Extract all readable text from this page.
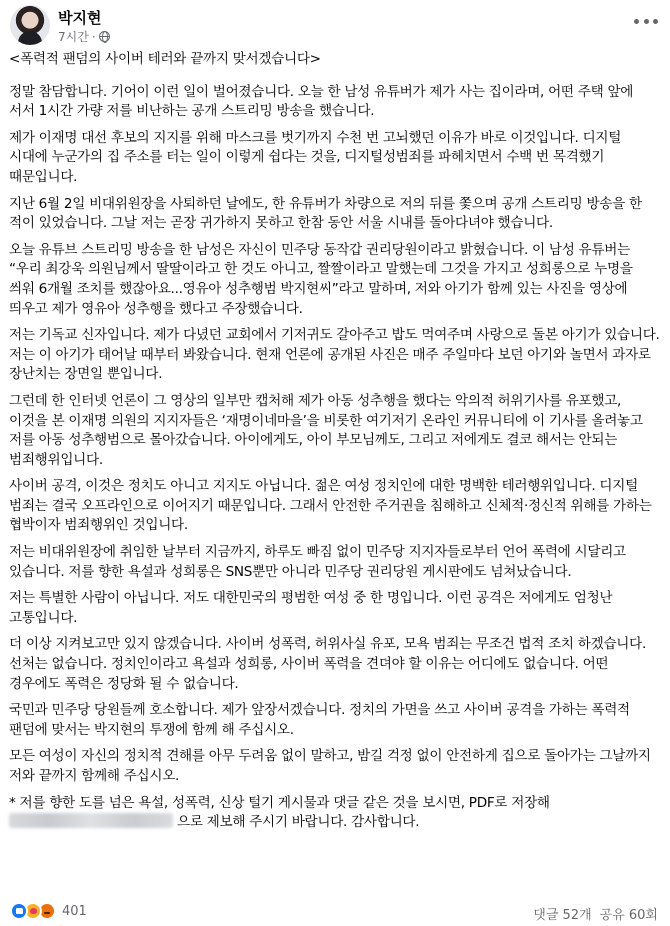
박지현
7시간 ·

<폭력적 팬덤의 사이버 테러와 끝까지 맞서겠습니다>

정말 참담합니다. 기어이 이런 일이 벌어졌습니다. 오늘 한 남성 유튜버가 제가 사는 집이라며, 어떤 주택 앞에 서서 1시간 가량 저를 비난하는 공개 스트리밍 방송을 했습니다.

제가 이재명 대선 후보의 지지를 위해 마스크를 벗기까지 수천 번 고뇌했던 이유가 바로 이것입니다. 디지털 시대에 누군가의 집 주소를 터는 일이 이렇게 쉽다는 것을, 디지털성범죄를 파헤치면서 수백 번 목격했기 때문입니다.

지난 6월 2일 비대위원장을 사퇴하던 날에도, 한 유튜버가 차량으로 저의 뒤를 쫓으며 공개 스트리밍 방송을 한 적이 있었습니다. 그날 저는 곧장 귀가하지 못하고 한참 동안 서울 시내를 돌아다녀야 했습니다.

오늘 유튜브 스트리밍 방송을 한 남성은 자신이 민주당 동작갑 권리당원이라고 밝혔습니다. 이 남성 유튜버는 “우리 최강욱 의원님께서 딸딸이라고 한 것도 아니고, 짤짤이라고 말했는데 그것을 가지고 성희롱으로 누명을 씌워 6개월 조치를 했잖아요...영유아 성추행범 박지현씨”라고 말하며, 저와 아기가 함께 있는 사진을 영상에 띄우고 제가 영유아 성추행을 했다고 주장했습니다.

저는 기독교 신자입니다. 제가 다녔던 교회에서 기저귀도 갈아주고 밥도 먹여주며 사랑으로 돌본 아기가 있습니다. 저는 이 아기가 태어날 때부터 봐왔습니다. 현재 언론에 공개된 사진은 매주 주일마다 보던 아기와 놀면서 과자로 장난치는 장면일 뿐입니다.

그런데 한 인터넷 언론이 그 영상의 일부만 캡처해 제가 아동 성추행을 했다는 악의적 허위기사를 유포했고, 이것을 본 이재명 의원의 지지자들은 ‘재명이네마을’을 비롯한 여기저기 온라인 커뮤니티에 이 기사를 올려놓고 저를 아동 성추행범으로 몰아갔습니다. 아이에게도, 아이 부모님께도, 그리고 저에게도 결코 해서는 안되는 범죄행위입니다.

사이버 공격, 이것은 정치도 아니고 지지도 아닙니다. 젊은 여성 정치인에 대한 명백한 테러행위입니다. 디지털 범죄는 결국 오프라인으로 이어지기 때문입니다. 그래서 안전한 주거권을 침해하고 신체적·정신적 위해를 가하는 협박이자 범죄행위인 것입니다.

저는 비대위원장에 취임한 날부터 지금까지, 하루도 빠짐 없이 민주당 지지자들로부터 언어 폭력에 시달리고 있습니다. 저를 향한 욕설과 성희롱은 SNS뿐만 아니라 민주당 권리당원 게시판에도 넘쳐났습니다.

저는 특별한 사람이 아닙니다. 저도 대한민국의 평범한 여성 중 한 명입니다. 이런 공격은 저에게도 엄청난 고통입니다.

더 이상 지켜보고만 있지 않겠습니다. 사이버 성폭력, 허위사실 유포, 모욕 범죄는 무조건 법적 조치 하겠습니다. 선처는 없습니다. 정치인이라고 욕설과 성희롱, 사이버 폭력을 견뎌야 할 이유는 어디에도 없습니다. 어떤 경우에도 폭력은 정당화 될 수 없습니다.

국민과 민주당 당원들께 호소합니다. 제가 앞장서겠습니다. 정치의 가면을 쓰고 사이버 공격을 가하는 폭력적 팬덤에 맞서는 박지현의 투쟁에 함께 해 주십시오.

모든 여성이 자신의 정치적 견해를 아무 두려움 없이 말하고, 밤길 걱정 없이 안전하게 집으로 돌아가는 그날까지 저와 끝까지 함께해 주십시오.

* 저를 향한 도를 넘은 욕설, 성폭력, 신상 털기 게시물과 댓글 같은 것을 보시면, PDF로 저장해
으로 제보해 주시기 바랍니다. 감사합니다.

401	댓글 52개 공유 60회
